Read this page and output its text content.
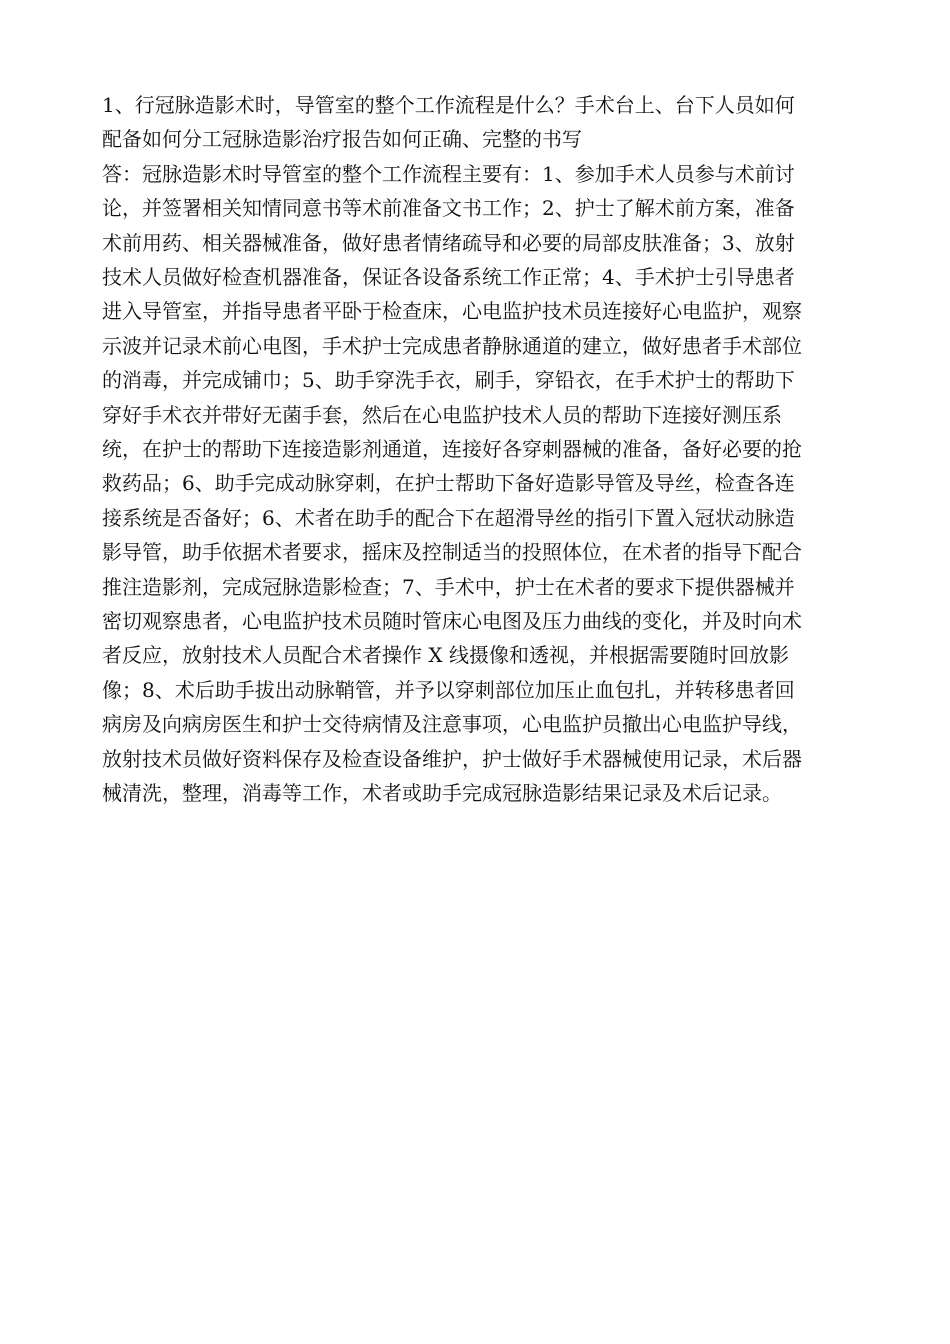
1、行冠脉造影术时，导管室的整个工作流程是什么？手术台上、台下人员如何
配备如何分工冠脉造影治疗报告如何正确、完整的书写
答：冠脉造影术时导管室的整个工作流程主要有：1、参加手术人员参与术前讨
论，并签署相关知情同意书等术前准备文书工作；2、护士了解术前方案，准备
术前用药、相关器械准备，做好患者情绪疏导和必要的局部皮肤准备；3、放射
技术人员做好检查机器准备，保证各设备系统工作正常；4、手术护士引导患者
进入导管室，并指导患者平卧于检查床，心电监护技术员连接好心电监护，观察
示波并记录术前心电图，手术护士完成患者静脉通道的建立，做好患者手术部位
的消毒，并完成铺巾；5、助手穿洗手衣，刷手，穿铅衣，在手术护士的帮助下
穿好手术衣并带好无菌手套，然后在心电监护技术人员的帮助下连接好测压系
统，在护士的帮助下连接造影剂通道，连接好各穿刺器械的准备，备好必要的抢
救药品；6、助手完成动脉穿刺，在护士帮助下备好造影导管及导丝，检查各连
接系统是否备好；6、术者在助手的配合下在超滑导丝的指引下置入冠状动脉造
影导管，助手依据术者要求，摇床及控制适当的投照体位，在术者的指导下配合
推注造影剂，完成冠脉造影检查；7、手术中，护士在术者的要求下提供器械并
密切观察患者，心电监护技术员随时管床心电图及压力曲线的变化，并及时向术
者反应，放射技术人员配合术者操作 X 线摄像和透视，并根据需要随时回放影
像；8、术后助手拔出动脉鞘管，并予以穿刺部位加压止血包扎，并转移患者回
病房及向病房医生和护士交待病情及注意事项，心电监护员撤出心电监护导线，
放射技术员做好资料保存及检查设备维护，护士做好手术器械使用记录，术后器
械清洗，整理，消毒等工作，术者或助手完成冠脉造影结果记录及术后记录。
